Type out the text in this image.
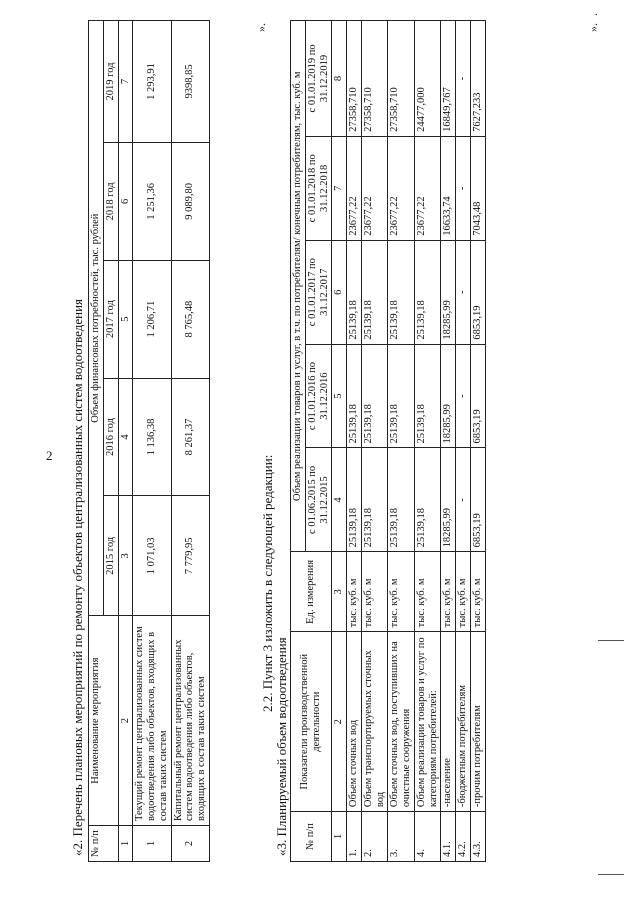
2 «2. Перечень плановых мероприятий по ремонту объектов централизованных систем водоотведения № п/п	Наименование мероприятия	Объем финансовых потребностей, тыс. рублей				
		2015 год	2016 год	2017 год	2018 год	2019 год
1	2	3	4	5	6	7
1	Текущий ремонт централизованных систем водоотведения либо объектов, входящих в состав таких систем	1 071,03	1 136,38	1 206,71	1 251,36	1 293,91
2	Капитальный ремонт централизованных систем водоотведения либо объектов, входящих в состав таких систем	7 779,95	8 261,37	8 765,48	9 089,80	9398,85
».
2.2. Пункт 3 изложить в следующей редакции:
«3. Планируемый объем водоотведения № п/п	Показатели производственной деятельности	Ед. измерения	Объем реализации товаров и услуг, в т.ч. по потребителям/ конечным потребителям, тыс. куб. м				
			с 01.06.2015 по 31.12.2015	с 01.01.2016 по 31.12.2016	с 01.01.2017 по 31.12.2017	с 01.01.2018 по 31.12.2018	с 01.01.2019 по 31.12.2019
1	2	3	4	5	6	7	8
1.	Объем сточных вод	тыс. куб. м	25139,18	25139,18	25139,18	23677,22	27358,710
2.	Объем транспортируемых сточных вод	тыс. куб. м	25139,18	25139,18	25139,18	23677,22	27358,710
3.	Объем сточных вод, поступивших на очистные сооружения	тыс. куб. м	25139,18	25139,18	25139,18	23677,22	27358,710
4.	Объем реализации товаров и услуг по категориям потребителей:	тыс. куб. м	25139,18	25139,18	25139,18	23677,22	24477,000
4.1.	-население	тыс. куб. м	18285,99	18285,99	18285,99	16633,74	16849,767
4.2.	-бюджетным потребителям	тыс. куб. м	-	-	-	-	-
4.3.	-прочим потребителям	тыс. куб. м	6853,19	6853,19	6853,19	7043,48	7627,233
».
.
